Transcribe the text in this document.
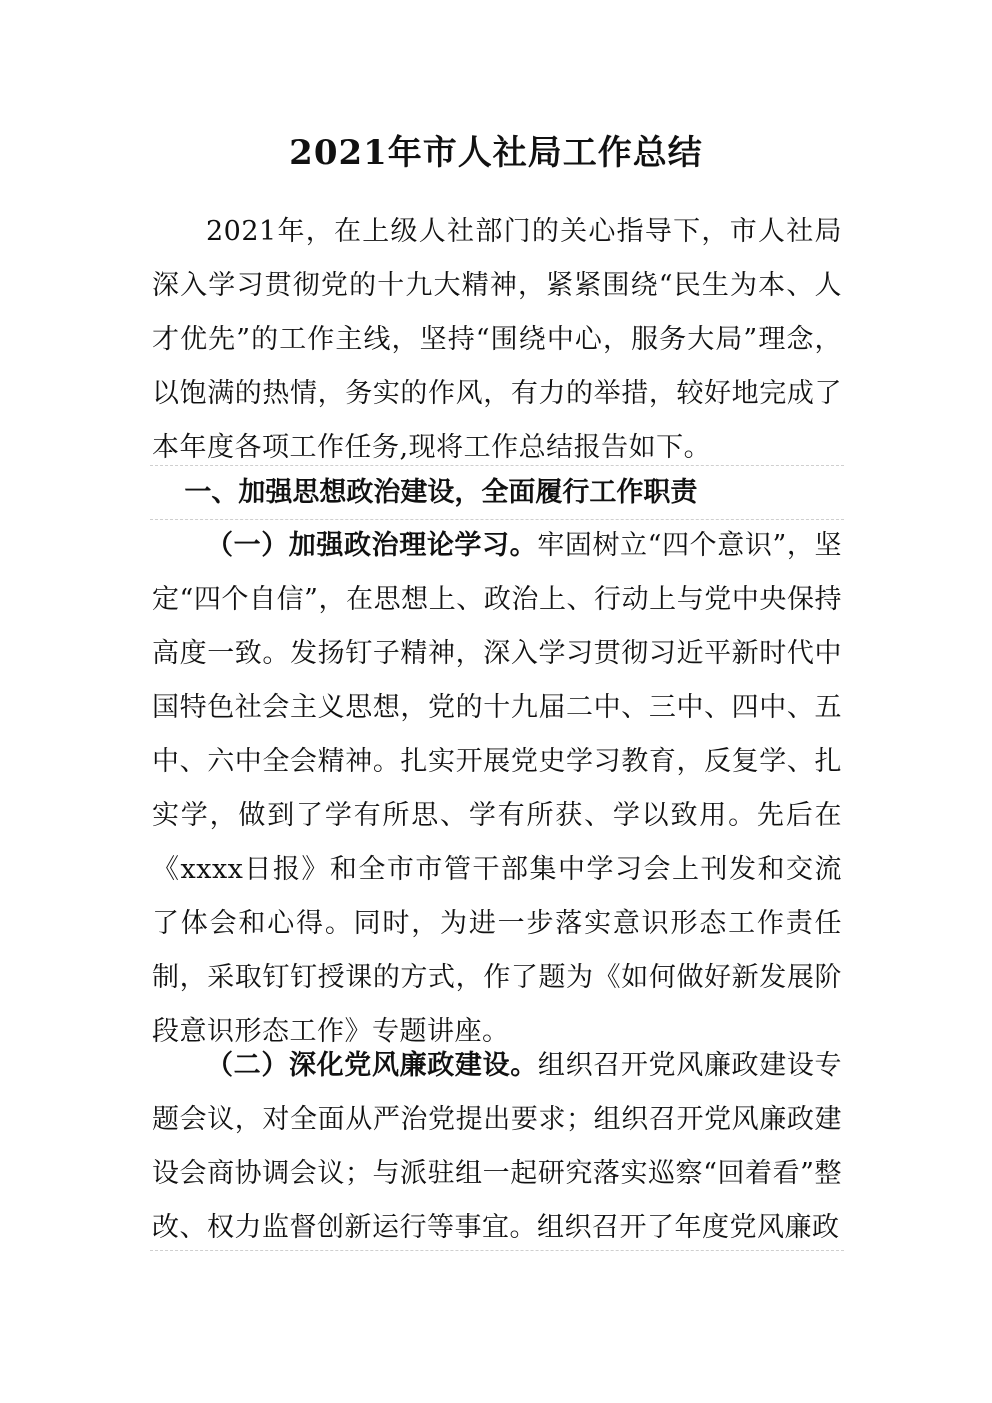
2021年市人社局工作总结
2021年，在上级人社部门的关心指导下，市人社局深入学习贯彻党的十九大精神，紧紧围绕“民生为本、人才优先”的工作主线，坚持“围绕中心，服务大局”理念，以饱满的热情，务实的作风，有力的举措，较好地完成了本年度各项工作任务,现将工作总结报告如下。
一、加强思想政治建设，全面履行工作职责
（一）加强政治理论学习。牢固树立“四个意识”，坚定“四个自信”，在思想上、政治上、行动上与党中央保持高度一致。发扬钉子精神，深入学习贯彻习近平新时代中国特色社会主义思想，党的十九届二中、三中、四中、五中、六中全会精神。扎实开展党史学习教育，反复学、扎实学，做到了学有所思、学有所获、学以致用。先后在《xxxx日报》和全市市管干部集中学习会上刊发和交流了体会和心得。同时，为进一步落实意识形态工作责任制，采取钉钉授课的方式，作了题为《如何做好新发展阶段意识形态工作》专题讲座。
（二）深化党风廉政建设。组织召开党风廉政建设专题会议，对全面从严治党提出要求；组织召开党风廉政建设会商协调会议；与派驻组一起研究落实巡察“回着看”整改、权力监督创新运行等事宜。组织召开了年度党风廉政
